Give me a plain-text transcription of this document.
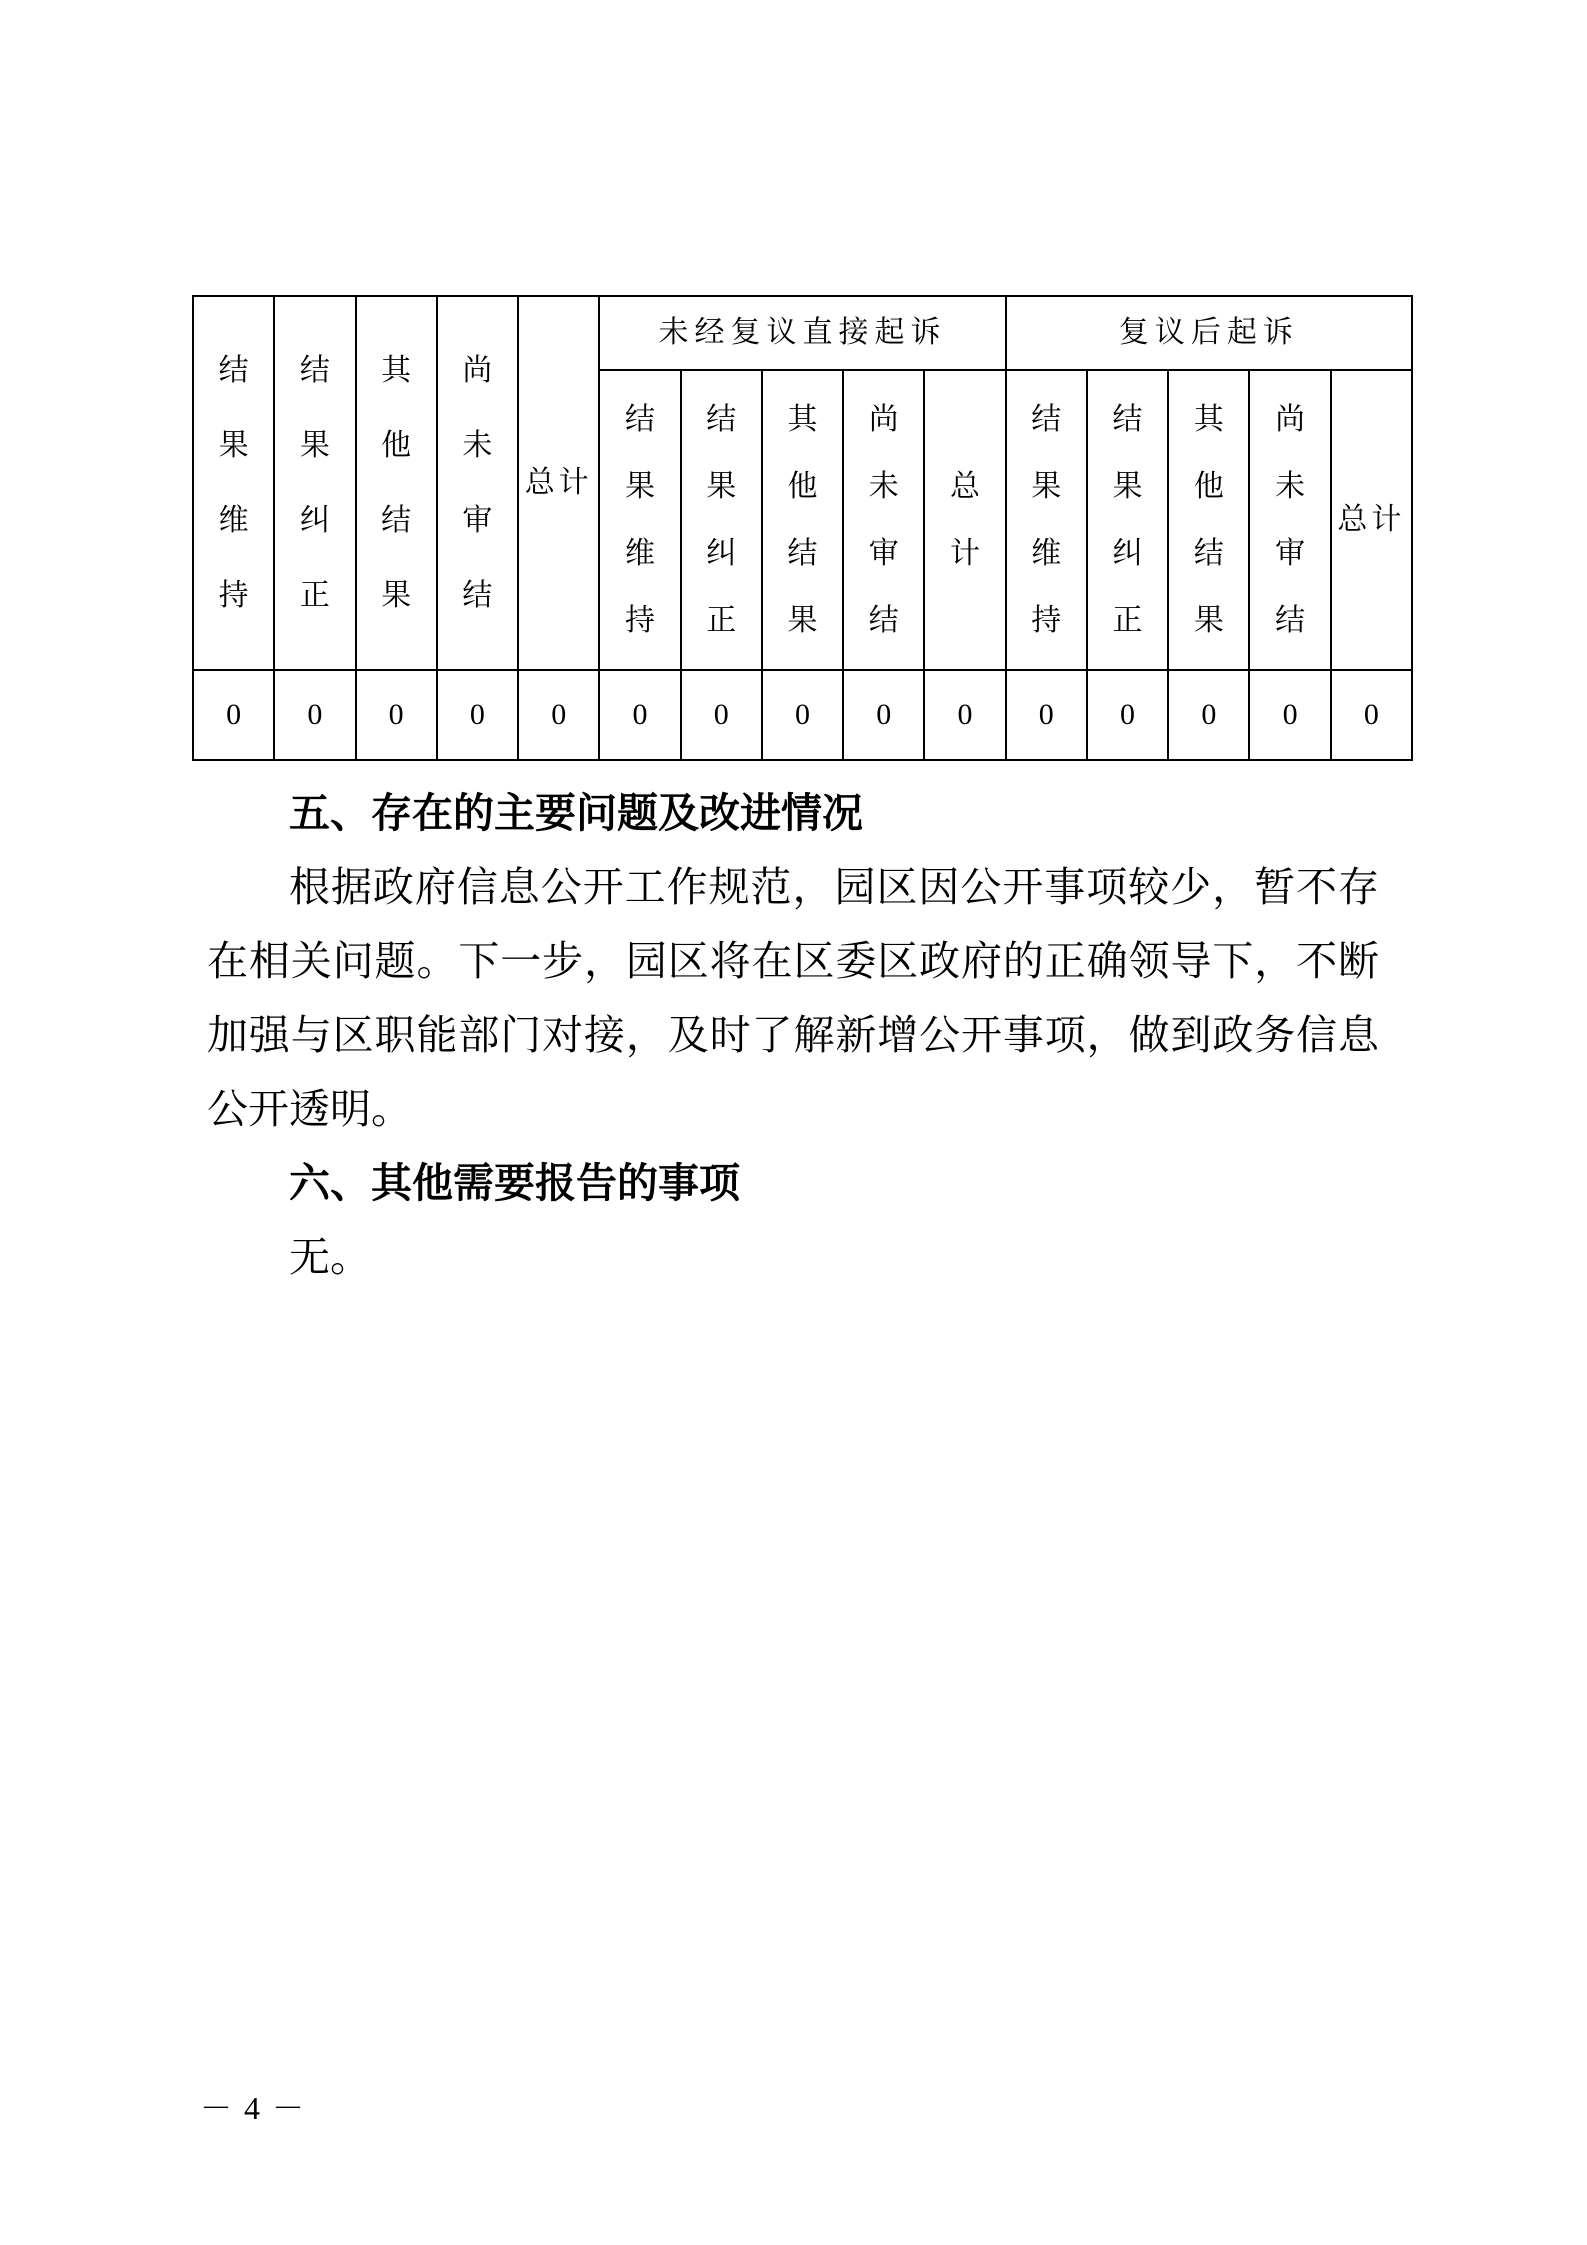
结
果
维
持	结
果
纠
正	其
他
结
果	尚
未
审
结	总计	未经复议直接起诉					复议后起诉				

					结
果
维
持	结
果
纠
正	其
他
结
果	尚
未
审
结	总
计	结
果
维
持	结
果
纠
正	其
他
结
果	尚
未
审
结	总计
0	0	0	0	0	0	0	0	0	0	0	0	0	0	0
五、存在的主要问题及改进情况

根据政府信息公开工作规范，园区因公开事项较少，暂不存在相关问题。下一步，园区将在区委区政府的正确领导下，不断加强与区职能部门对接，及时了解新增公开事项，做到政务信息公开透明。

六、其他需要报告的事项

无。

－ 4 －
